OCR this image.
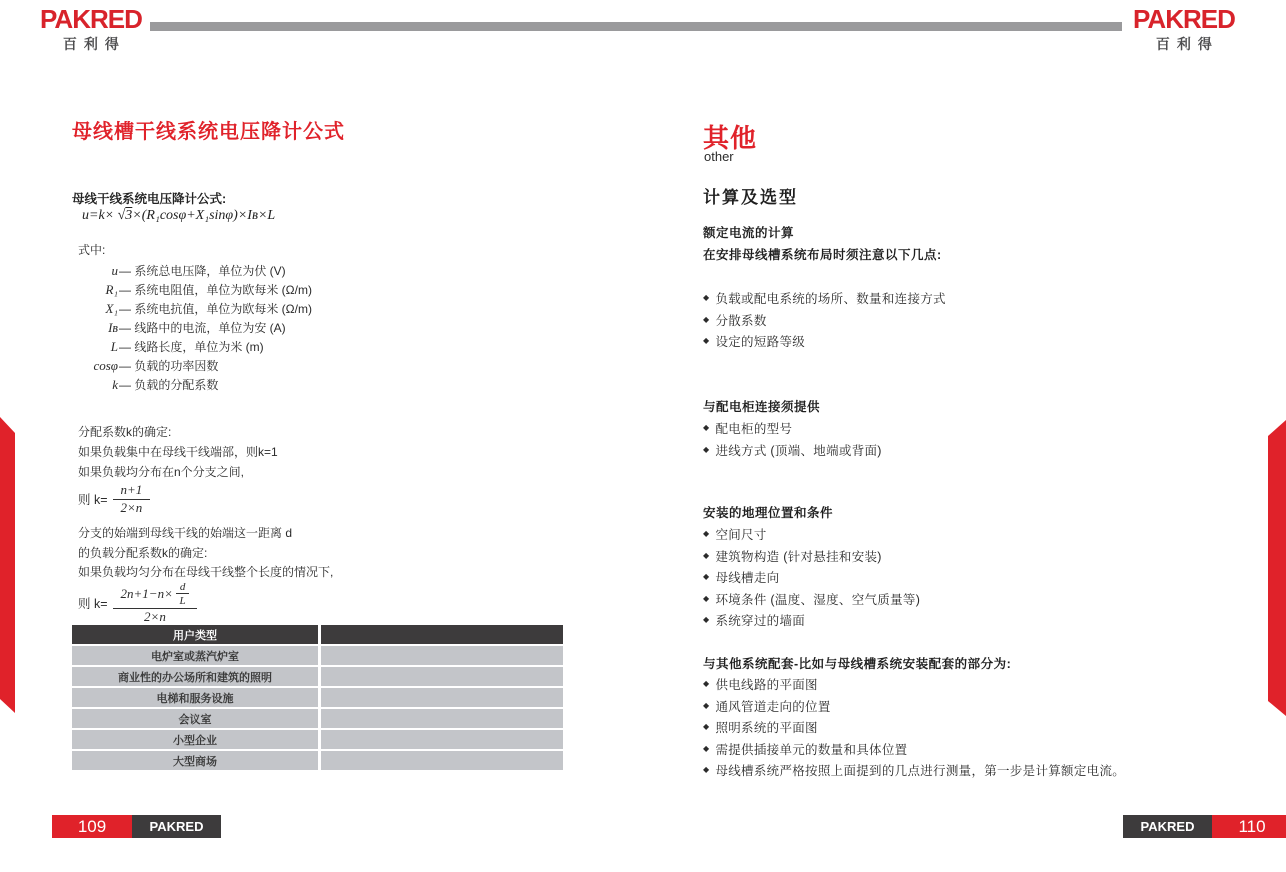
PAKRED
百利得
PAKRED
百利得
母线槽干线系统电压降计公式
母线干线系统电压降计公式:
u=k× √3×(R₁cosφ+X₁sinφ)×Iʙ×L
式中:
u — 系统总电压降，单位为伏 (V)
R₁ — 系统电阻值，单位为欧每米 (Ω/m)
X₁ — 系统电抗值，单位为欧每米 (Ω/m)
Iʙ — 线路中的电流，单位为安 (A)
L — 线路长度，单位为米 (m)
cosφ — 负载的功率因数
k — 负载的分配系数
分配系数k的确定:
如果负载集中在母线干线端部，则k=1
如果负载均分布在n个分支之间,
则 $k= \frac{n+1}{2\times n}$
分支的始端到母线干线的始端这一距离 d
的负载分配系数k的确定:
如果负载均匀分布在母线干线整个长度的情况下,
则 $k= \frac{2n+1-n\times \frac{d}{L}}{2\times n}$
用户类型
电炉室或蒸汽炉室
商业性的办公场所和建筑的照明
电梯和服务设施
会议室
小型企业
大型商场
其他
other
计算及选型
额定电流的计算
在安排母线槽系统布局时须注意以下几点:
◆ 负载或配电系统的场所、数量和连接方式
◆ 分散系数
◆ 设定的短路等级
与配电柜连接须提供
◆ 配电柜的型号
◆ 进线方式 (顶端、地端或背面)
安装的地理位置和条件
◆ 空间尺寸
◆ 建筑物构造 (针对悬挂和安装)
◆ 母线槽走向
◆ 环境条件 (温度、湿度、空气质量等)
◆ 系统穿过的墙面
与其他系统配套-比如与母线槽系统安装配套的部分为:
◆ 供电线路的平面图
◆ 通风管道走向的位置
◆ 照明系统的平面图
◆ 需提供插接单元的数量和具体位置
◆ 母线槽系统严格按照上面提到的几点进行测量，第一步是计算额定电流。
109	PAKRED	PAKRED	110
